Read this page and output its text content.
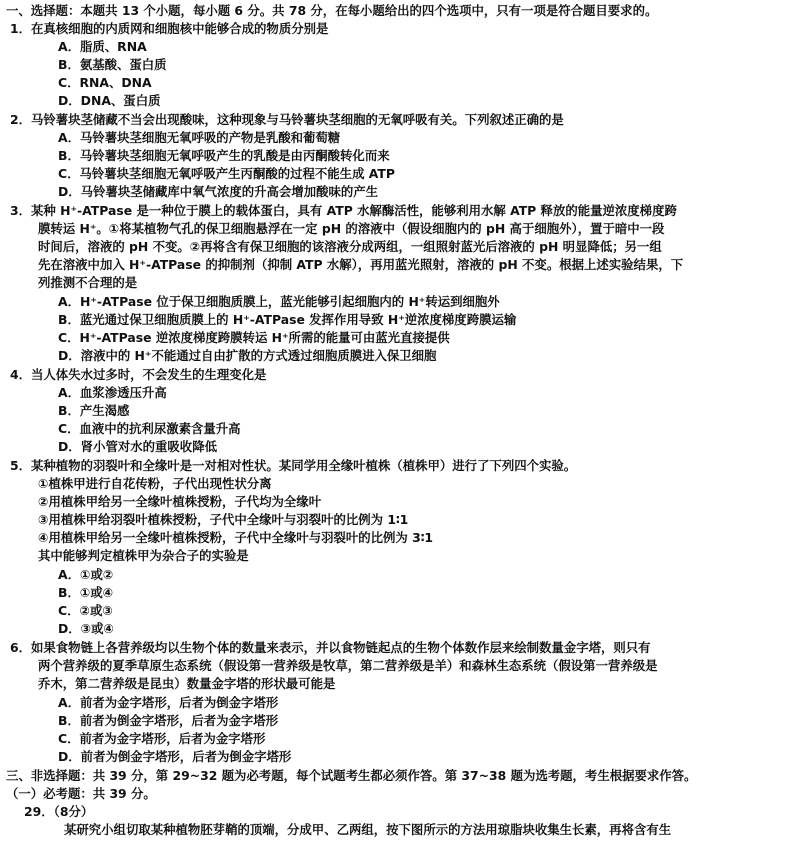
一、选择题：本题共 13 个小题，每小题 6 分。共 78 分，在每小题给出的四个选项中，只有一项是符合题目要求的。
1．在真核细胞的内质网和细胞核中能够合成的物质分别是
A．脂质、RNA
B．氨基酸、蛋白质
C．RNA、DNA
D．DNA、蛋白质
2．马铃薯块茎储藏不当会出现酸味，这种现象与马铃薯块茎细胞的无氧呼吸有关。下列叙述正确的是
A．马铃薯块茎细胞无氧呼吸的产物是乳酸和葡萄糖
B．马铃薯块茎细胞无氧呼吸产生的乳酸是由丙酮酸转化而来
C．马铃薯块茎细胞无氧呼吸产生丙酮酸的过程不能生成 ATP
D．马铃薯块茎储藏库中氧气浓度的升高会增加酸味的产生
3．某种 H⁺-ATPase 是一种位于膜上的载体蛋白，具有 ATP 水解酶活性，能够利用水解 ATP 释放的能量逆浓度梯度跨
膜转运 H⁺。①将某植物气孔的保卫细胞悬浮在一定 pH 的溶液中（假设细胞内的 pH 高于细胞外），置于暗中一段
时间后，溶液的 pH 不变。②再将含有保卫细胞的该溶液分成两组，一组照射蓝光后溶液的 pH 明显降低；另一组
先在溶液中加入 H⁺-ATPase 的抑制剂（抑制 ATP 水解），再用蓝光照射，溶液的 pH 不变。根据上述实验结果，下
列推测不合理的是
A．H⁺-ATPase 位于保卫细胞质膜上，蓝光能够引起细胞内的 H⁺转运到细胞外
B．蓝光通过保卫细胞质膜上的 H⁺-ATPase 发挥作用导致 H⁺逆浓度梯度跨膜运输
C．H⁺-ATPase 逆浓度梯度跨膜转运 H⁺所需的能量可由蓝光直接提供
D．溶液中的 H⁺不能通过自由扩散的方式透过细胞质膜进入保卫细胞
4．当人体失水过多时，不会发生的生理变化是
A．血浆渗透压升高
B．产生渴感
C．血液中的抗利尿激素含量升高
D．肾小管对水的重吸收降低
5．某种植物的羽裂叶和全缘叶是一对相对性状。某同学用全缘叶植株（植株甲）进行了下列四个实验。
①植株甲进行自花传粉，子代出现性状分离
②用植株甲给另一全缘叶植株授粉，子代均为全缘叶
③用植株甲给羽裂叶植株授粉，子代中全缘叶与羽裂叶的比例为 1∶1
④用植株甲给另一全缘叶植株授粉，子代中全缘叶与羽裂叶的比例为 3∶1
其中能够判定植株甲为杂合子的实验是
A．①或②
B．①或④
C．②或③
D．③或④
6．如果食物链上各营养级均以生物个体的数量来表示，并以食物链起点的生物个体数作层来绘制数量金字塔，则只有
两个营养级的夏季草原生态系统（假设第一营养级是牧草，第二营养级是羊）和森林生态系统（假设第一营养级是
乔木，第二营养级是昆虫）数量金字塔的形状最可能是
A．前者为金字塔形，后者为倒金字塔形
B．前者为倒金字塔形，后者为金字塔形
C．前者为金字塔形，后者为金字塔形
D．前者为倒金字塔形，后者为倒金字塔形
三、非选择题：共 39 分，第 29~32 题为必考题，每个试题考生都必须作答。第 37~38 题为选考题，考生根据要求作答。
（一）必考题：共 39 分。
29．（8分）
某研究小组切取某种植物胚芽鞘的顶端，分成甲、乙两组，按下图所示的方法用琼脂块收集生长素，再将含有生
